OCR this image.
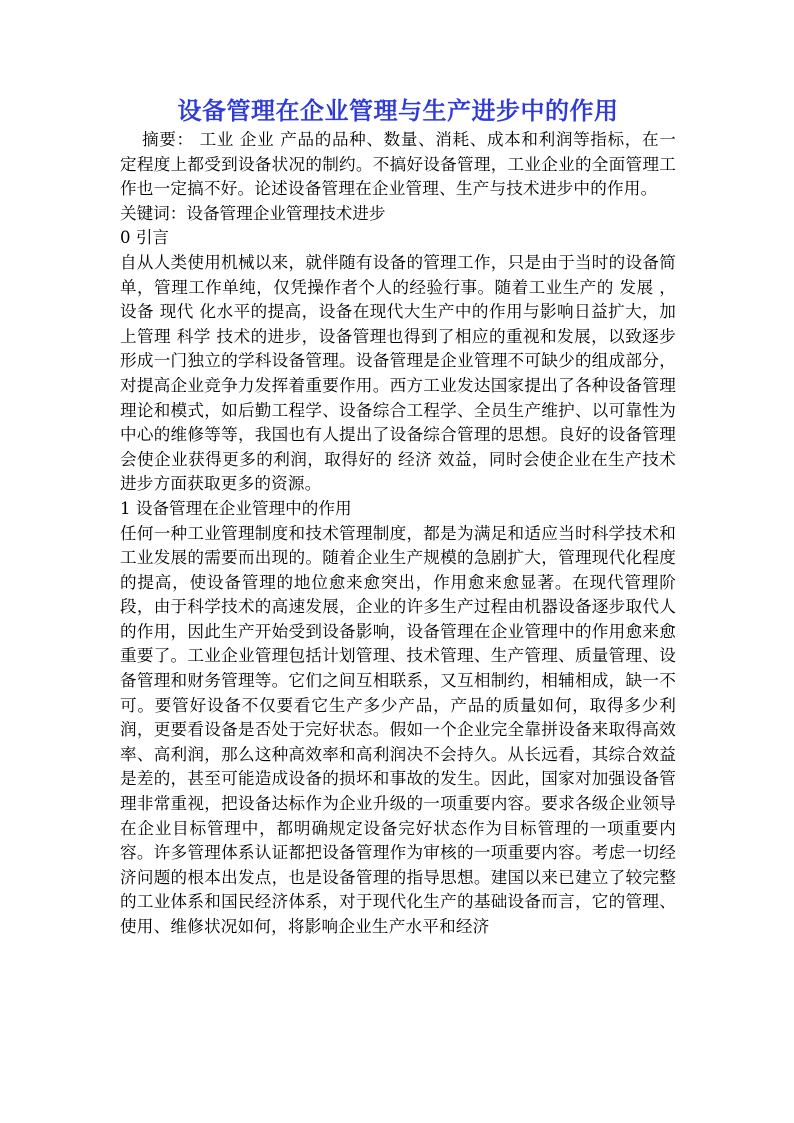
设备管理在企业管理与生产进步中的作用

摘要： 工业 企业 产品的品种、数量、消耗、成本和利润等指标，在一定程度上都受到设备状况的制约。不搞好设备管理，工业企业的全面管理工作也一定搞不好。论述设备管理在企业管理、生产与技术进步中的作用。

关键词：设备管理企业管理技术进步

0 引言

自从人类使用机械以来，就伴随有设备的管理工作，只是由于当时的设备简单，管理工作单纯，仅凭操作者个人的经验行事。随着工业生产的 发展 ，设备 现代 化水平的提高，设备在现代大生产中的作用与影响日益扩大，加上管理 科学 技术的进步，设备管理也得到了相应的重视和发展，以致逐步形成一门独立的学科设备管理。设备管理是企业管理不可缺少的组成部分，对提高企业竞争力发挥着重要作用。西方工业发达国家提出了各种设备管理理论和模式，如后勤工程学、设备综合工程学、全员生产维护、以可靠性为中心的维修等等，我国也有人提出了设备综合管理的思想。良好的设备管理会使企业获得更多的利润，取得好的 经济 效益，同时会使企业在生产技术进步方面获取更多的资源。

1 设备管理在企业管理中的作用

任何一种工业管理制度和技术管理制度，都是为满足和适应当时科学技术和工业发展的需要而出现的。随着企业生产规模的急剧扩大，管理现代化程度的提高，使设备管理的地位愈来愈突出，作用愈来愈显著。在现代管理阶段，由于科学技术的高速发展，企业的许多生产过程由机器设备逐步取代人的作用，因此生产开始受到设备影响，设备管理在企业管理中的作用愈来愈重要了。工业企业管理包括计划管理、技术管理、生产管理、质量管理、设备管理和财务管理等。它们之间互相联系，又互相制约，相辅相成，缺一不可。要管好设备不仅要看它生产多少产品，产品的质量如何，取得多少利润，更要看设备是否处于完好状态。假如一个企业完全靠拼设备来取得高效率、高利润，那么这种高效率和高利润决不会持久。从长远看，其综合效益是差的，甚至可能造成设备的损坏和事故的发生。因此，国家对加强设备管理非常重视，把设备达标作为企业升级的一项重要内容。要求各级企业领导在企业目标管理中，都明确规定设备完好状态作为目标管理的一项重要内容。许多管理体系认证都把设备管理作为审核的一项重要内容。考虑一切经济问题的根本出发点，也是设备管理的指导思想。建国以来已建立了较完整的工业体系和国民经济体系，对于现代化生产的基础设备而言，它的管理、使用、维修状况如何，将影响企业生产水平和经济
